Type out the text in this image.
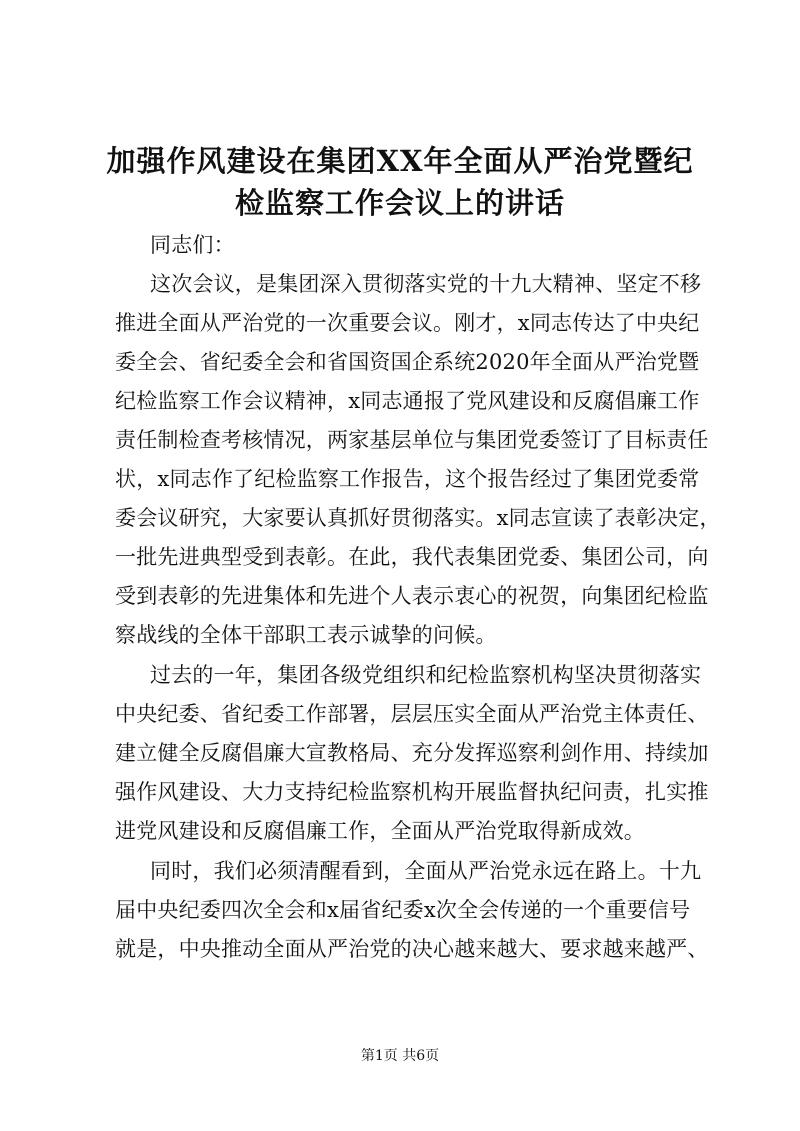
加强作风建设在集团XX年全面从严治党暨纪
检监察工作会议上的讲话

同志们：

这次会议，是集团深入贯彻落实党的十九大精神、坚定不移

推进全面从严治党的一次重要会议。刚才，x同志传达了中央纪

委全会、省纪委全会和省国资国企系统2020年全面从严治党暨

纪检监察工作会议精神，x同志通报了党风建设和反腐倡廉工作

责任制检查考核情况，两家基层单位与集团党委签订了目标责任

状，x同志作了纪检监察工作报告，这个报告经过了集团党委常

委会议研究，大家要认真抓好贯彻落实。x同志宣读了表彰决定，

一批先进典型受到表彰。在此，我代表集团党委、集团公司，向

受到表彰的先进集体和先进个人表示衷心的祝贺，向集团纪检监

察战线的全体干部职工表示诚挚的问候。

过去的一年，集团各级党组织和纪检监察机构坚决贯彻落实

中央纪委、省纪委工作部署，层层压实全面从严治党主体责任、

建立健全反腐倡廉大宣教格局、充分发挥巡察利剑作用、持续加

强作风建设、大力支持纪检监察机构开展监督执纪问责，扎实推

进党风建设和反腐倡廉工作，全面从严治党取得新成效。

同时，我们必须清醒看到，全面从严治党永远在路上。十九

届中央纪委四次全会和x届省纪委x次全会传递的一个重要信号

就是，中央推动全面从严治党的决心越来越大、要求越来越严、

第1页 共6页
